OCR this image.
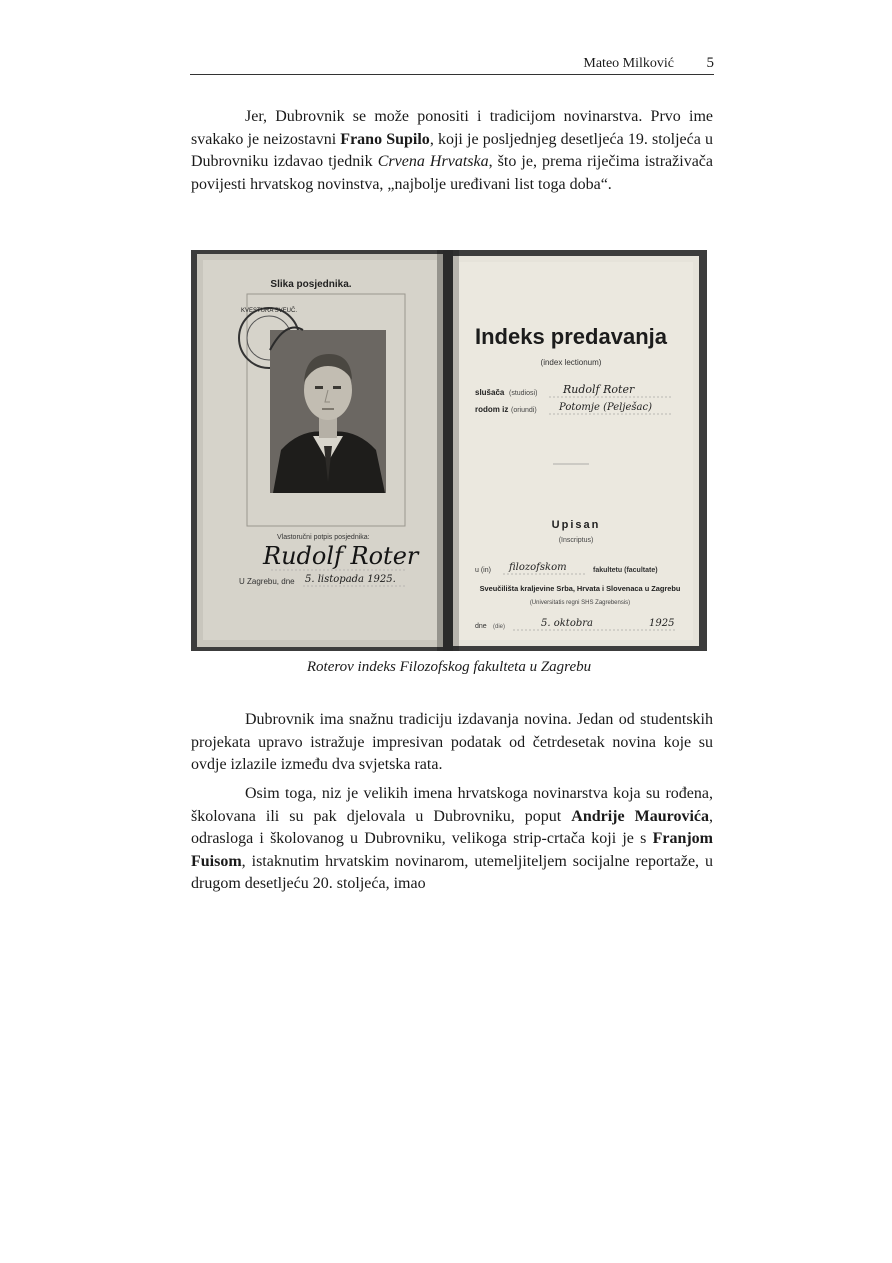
Mateo Milković 5

Jer, Dubrovnik se može ponositi i tradicijom novinarstva. Prvo ime svakako je neizostavni Frano Supilo, koji je posljednjeg desetljeća 19. stoljeća u Dubrovniku izdavao tjednik Crvena Hrvatska, što je, prema riječima istraživača povijesti hrvatskog novinstva, „najbolje uređivani list toga doba“.

Slika posjednika.
KVESTURA SVEUČ.
Vlastoručni potpis posjednika:
Rudolf Roter
U Zagrebu, dne 5. listopada 1925.
Indeks predavanja
(index lectionum)
slušača (studiosi) Rudolf Roter
rodom iz (oriundi) Potomje (Pelješac)
Upisan
(Inscriptus)
u (in) filozofskom	fakultetu (facultate)
Sveučilišta kraljevine Srba, Hrvata i Slovenaca u Zagrebu
(Universitatis regni SHS Zagrebensis)
dne (die)	5. oktobra	1925
Roterov indeks Filozofskog fakulteta u Zagrebu

Dubrovnik ima snažnu tradiciju izdavanja novina. Jedan od studentskih projekata upravo istražuje impresivan podatak od četrdesetak novina koje su ovdje izlazile između dva svjetska rata.

Osim toga, niz je velikih imena hrvatskoga novinarstva koja su rođena, školovana ili su pak djelovala u Dubrovniku, poput Andrije Maurovića, odrasloga i školovanog u Dubrovniku, velikoga strip-crtača koji je s Franjom Fuisom, istaknutim hrvatskim novinarom, utemeljiteljem socijalne reportaže, u drugom desetljeću 20. stoljeća, imao
